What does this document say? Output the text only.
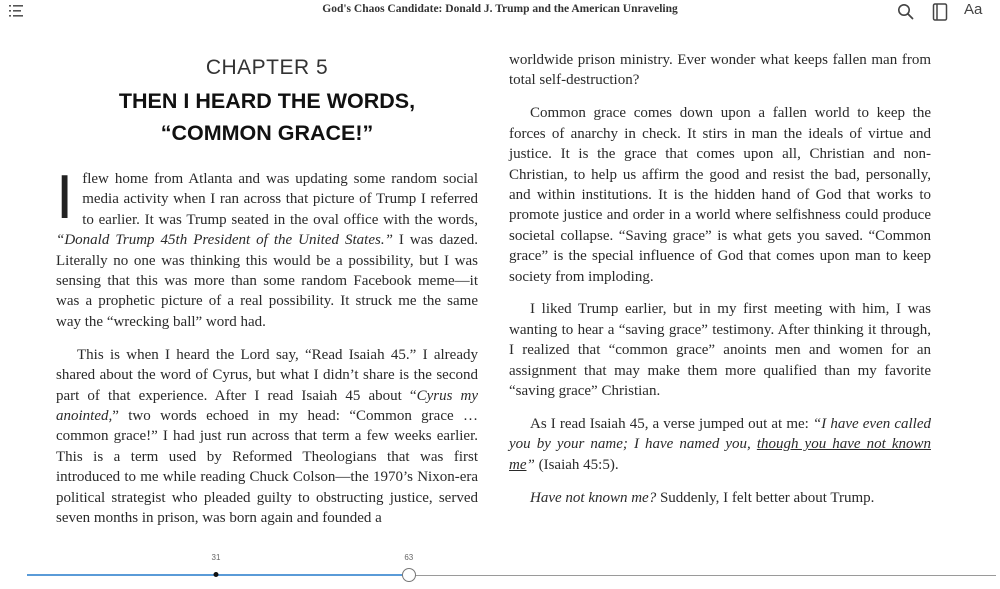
God's Chaos Candidate: Donald J. Trump and the American Unraveling	Aa
CHAPTER 5
THEN I HEARD THE WORDS,
“COMMON GRACE!”

I flew home from Atlanta and was updating some random social media activity when I ran across that picture of Trump I referred to earlier. It was Trump seated in the oval office with the words, “Donald Trump 45th President of the United States.” I was dazed. Literally no one was thinking this would be a possibility, but I was sensing that this was more than some random Facebook meme—it was a prophetic picture of a real possibility. It struck me the same way the “wrecking ball” word had.

This is when I heard the Lord say, “Read Isaiah 45.” I already shared about the word of Cyrus, but what I didn’t share is the second part of that experience. After I read Isaiah 45 about “Cyrus my anointed,” two words echoed in my head: “Common grace … common grace!” I had just run across that term a few weeks earlier. This is a term used by Reformed Theologians that was first introduced to me while reading Chuck Colson—the 1970’s Nixon-era political strategist who pleaded guilty to obstructing justice, served seven months in prison, was born again and founded a

worldwide prison ministry. Ever wonder what keeps fallen man from total self-destruction?

Common grace comes down upon a fallen world to keep the forces of anarchy in check. It stirs in man the ideals of virtue and justice. It is the grace that comes upon all, Christian and non-Christian, to help us affirm the good and resist the bad, personally, and within institutions. It is the hidden hand of God that works to promote justice and order in a world where selfishness could produce societal collapse. “Saving grace” is what gets you saved. “Common grace” is the special influence of God that comes upon man to keep society from imploding.

I liked Trump earlier, but in my first meeting with him, I was wanting to hear a “saving grace” testimony. After thinking it through, I realized that “common grace” anoints men and women for an assignment that may make them more qualified than my favorite “saving grace” Christian.

As I read Isaiah 45, a verse jumped out at me: “I have even called you by your name; I have named you, though you have not known me” (Isaiah 45:5).

Have not known me? Suddenly, I felt better about Trump.

31	63
